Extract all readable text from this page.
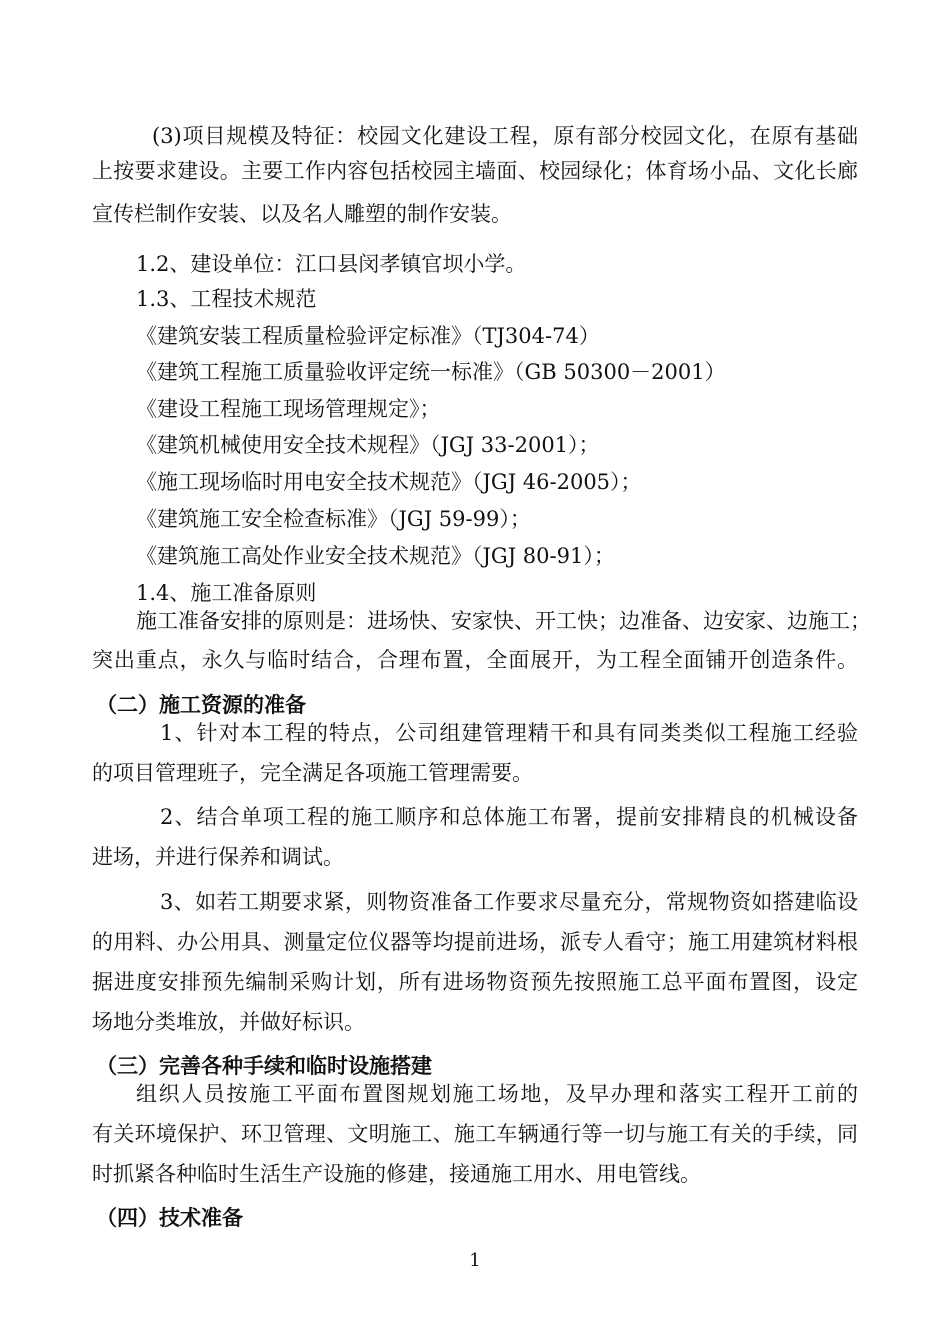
(3)项目规模及特征：校园文化建设工程，原有部分校园文化，在原有基础
上按要求建设。主要工作内容包括校园主墙面、校园绿化；体育场小品、文化长廊
宣传栏制作安装、以及名人雕塑的制作安装。
1.2、建设单位：江口县闵孝镇官坝小学。
1.3、工程技术规范
《建筑安装工程质量检验评定标准》（TJ304-74）
《建筑工程施工质量验收评定统一标准》（GB 50300－2001）
《建设工程施工现场管理规定》；
《建筑机械使用安全技术规程》（JGJ 33-2001）；
《施工现场临时用电安全技术规范》（JGJ 46-2005）；
《建筑施工安全检查标准》（JGJ 59-99）；
《建筑施工高处作业安全技术规范》（JGJ 80-91）；
1.4、施工准备原则
施工准备安排的原则是：进场快、安家快、开工快；边准备、边安家、边施工；
突出重点，永久与临时结合，合理布置，全面展开，为工程全面铺开创造条件。
（二）施工资源的准备
1、针对本工程的特点，公司组建管理精干和具有同类类似工程施工经验
的项目管理班子，完全满足各项施工管理需要。
2、结合单项工程的施工顺序和总体施工布署，提前安排精良的机械设备
进场，并进行保养和调试。
3、如若工期要求紧，则物资准备工作要求尽量充分，常规物资如搭建临设
的用料、办公用具、测量定位仪器等均提前进场，派专人看守；施工用建筑材料根
据进度安排预先编制采购计划，所有进场物资预先按照施工总平面布置图，设定
场地分类堆放，并做好标识。
（三）完善各种手续和临时设施搭建
组织人员按施工平面布置图规划施工场地，及早办理和落实工程开工前的
有关环境保护、环卫管理、文明施工、施工车辆通行等一切与施工有关的手续，同
时抓紧各种临时生活生产设施的修建，接通施工用水、用电管线。
（四）技术准备
1
